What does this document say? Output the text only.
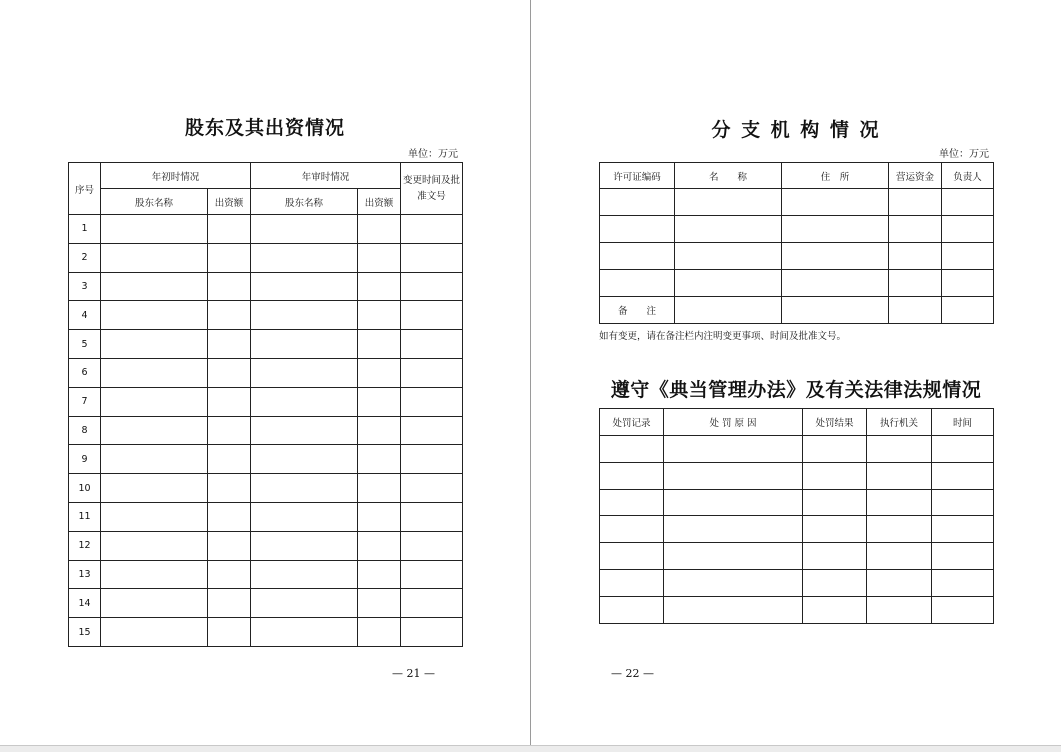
股东及其出资情况
单位：万元
序号	年初时情况		年审时情况		变更时间及批准文号
	股东名称	出资额	股东名称	出资额	
1					
2					
3					
4					
5					
6					
7					
8					
9					
10					
11					
12					
13					
14					
15					
— 21 —
分 支 机 构 情 况
单位：万元
许可证编码	名　　称	住　所	营运资金	负责人

备　　注				
如有变更，请在备注栏内注明变更事项、时间及批准文号。
遵守《典当管理办法》及有关法律法规情况
处罚记录	处 罚 原 因	处罚结果	执行机关	时间

— 22 —
